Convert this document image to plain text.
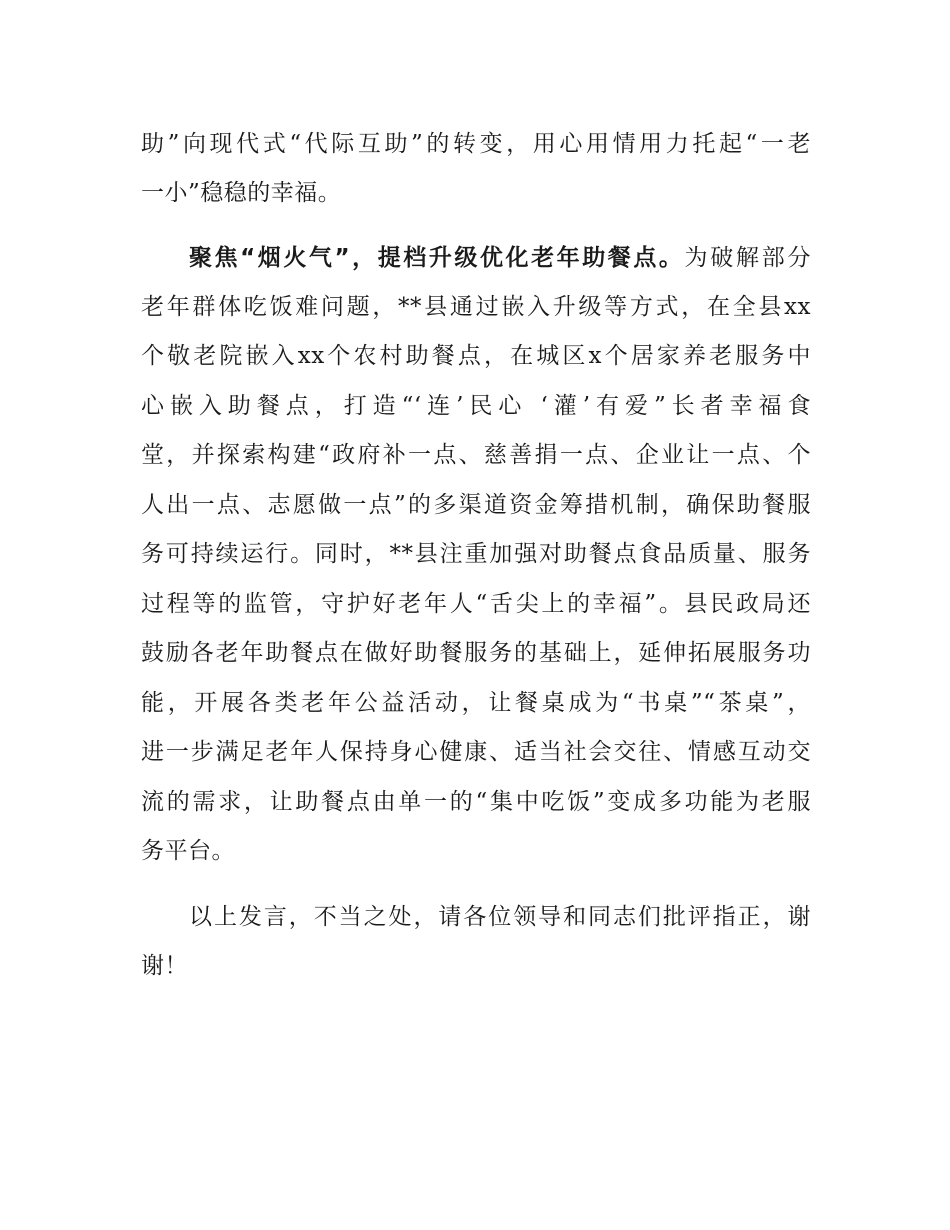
助”向现代式“代际互助”的转变，用心用情用力托起“一老
一小”稳稳的幸福。
聚焦“烟火气”，提档升级优化老年助餐点。为破解部分
老年群体吃饭难问题，**县通过嵌入升级等方式，在全县xx
个敬老院嵌入xx个农村助餐点，在城区x个居家养老服务中
心嵌入助餐点，打造“‘连’民心 ‘灌’有爱”长者幸福食
堂，并探索构建“政府补一点、慈善捐一点、企业让一点、个
人出一点、志愿做一点”的多渠道资金筹措机制，确保助餐服
务可持续运行。同时，**县注重加强对助餐点食品质量、服务
过程等的监管，守护好老年人“舌尖上的幸福”。县民政局还
鼓励各老年助餐点在做好助餐服务的基础上，延伸拓展服务功
能，开展各类老年公益活动，让餐桌成为“书桌”“茶桌”，
进一步满足老年人保持身心健康、适当社会交往、情感互动交
流的需求，让助餐点由单一的“集中吃饭”变成多功能为老服
务平台。
以上发言，不当之处，请各位领导和同志们批评指正，谢
谢！
